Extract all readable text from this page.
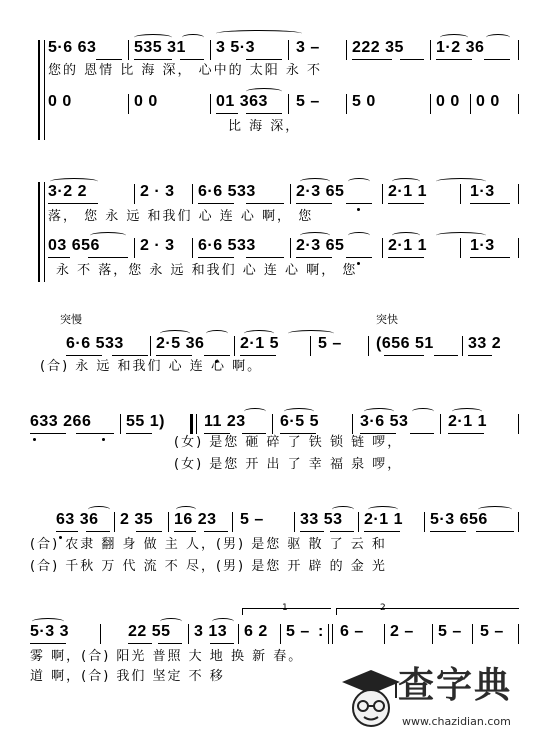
5·6 63 535 31 3 5·3	3 – 222 35 1·2 36
您的 恩情 比 海 深， 心中的 太阳 永 不
0 0	0 0	01 363 5 – 5 0	0 0 0 0
比 海 深，
3·2 2	2 · 3 6·6 533	2·3 65	2·1 1	1·3
落， 您 永 远 和我们 心 连 心 啊， 您
03 656	2 · 3 6·6 533	2·3 65	2·1 1	1·3
永 不 落，您 永 远 和我们 心 连 心 啊， 您
突慢	突快
6·6 533 2·5 36 2·1 5 5 – (656 51 33 2
(合) 永 远 和我们 心 连 心 啊。
633 266 55 1) 11 23 6·5 5	3·6 53 2·1 1
(女) 是您 砸 碎 了 铁 锁 链 啰，
(女) 是您 开 出 了 幸 福 泉 啰，
63 36 2 35 16 23 5 – 33 53 2·1 1 5·3 656
(合) 农隶 翻 身 做 主 人，(男) 是您 驱 散 了 云 和
(合) 千秋 万 代 流 不 尽，(男) 是您 开 辟 的 金 光
1	2
5·3 3	22 55 3 13 6 2 5 – : 6 – 2 – 5 – 5 –
雾 啊，(合) 阳光 普照 大 地 换 新 春。
道 啊，(合) 我们 坚定 不 移	查字典
www.chazidian.com
